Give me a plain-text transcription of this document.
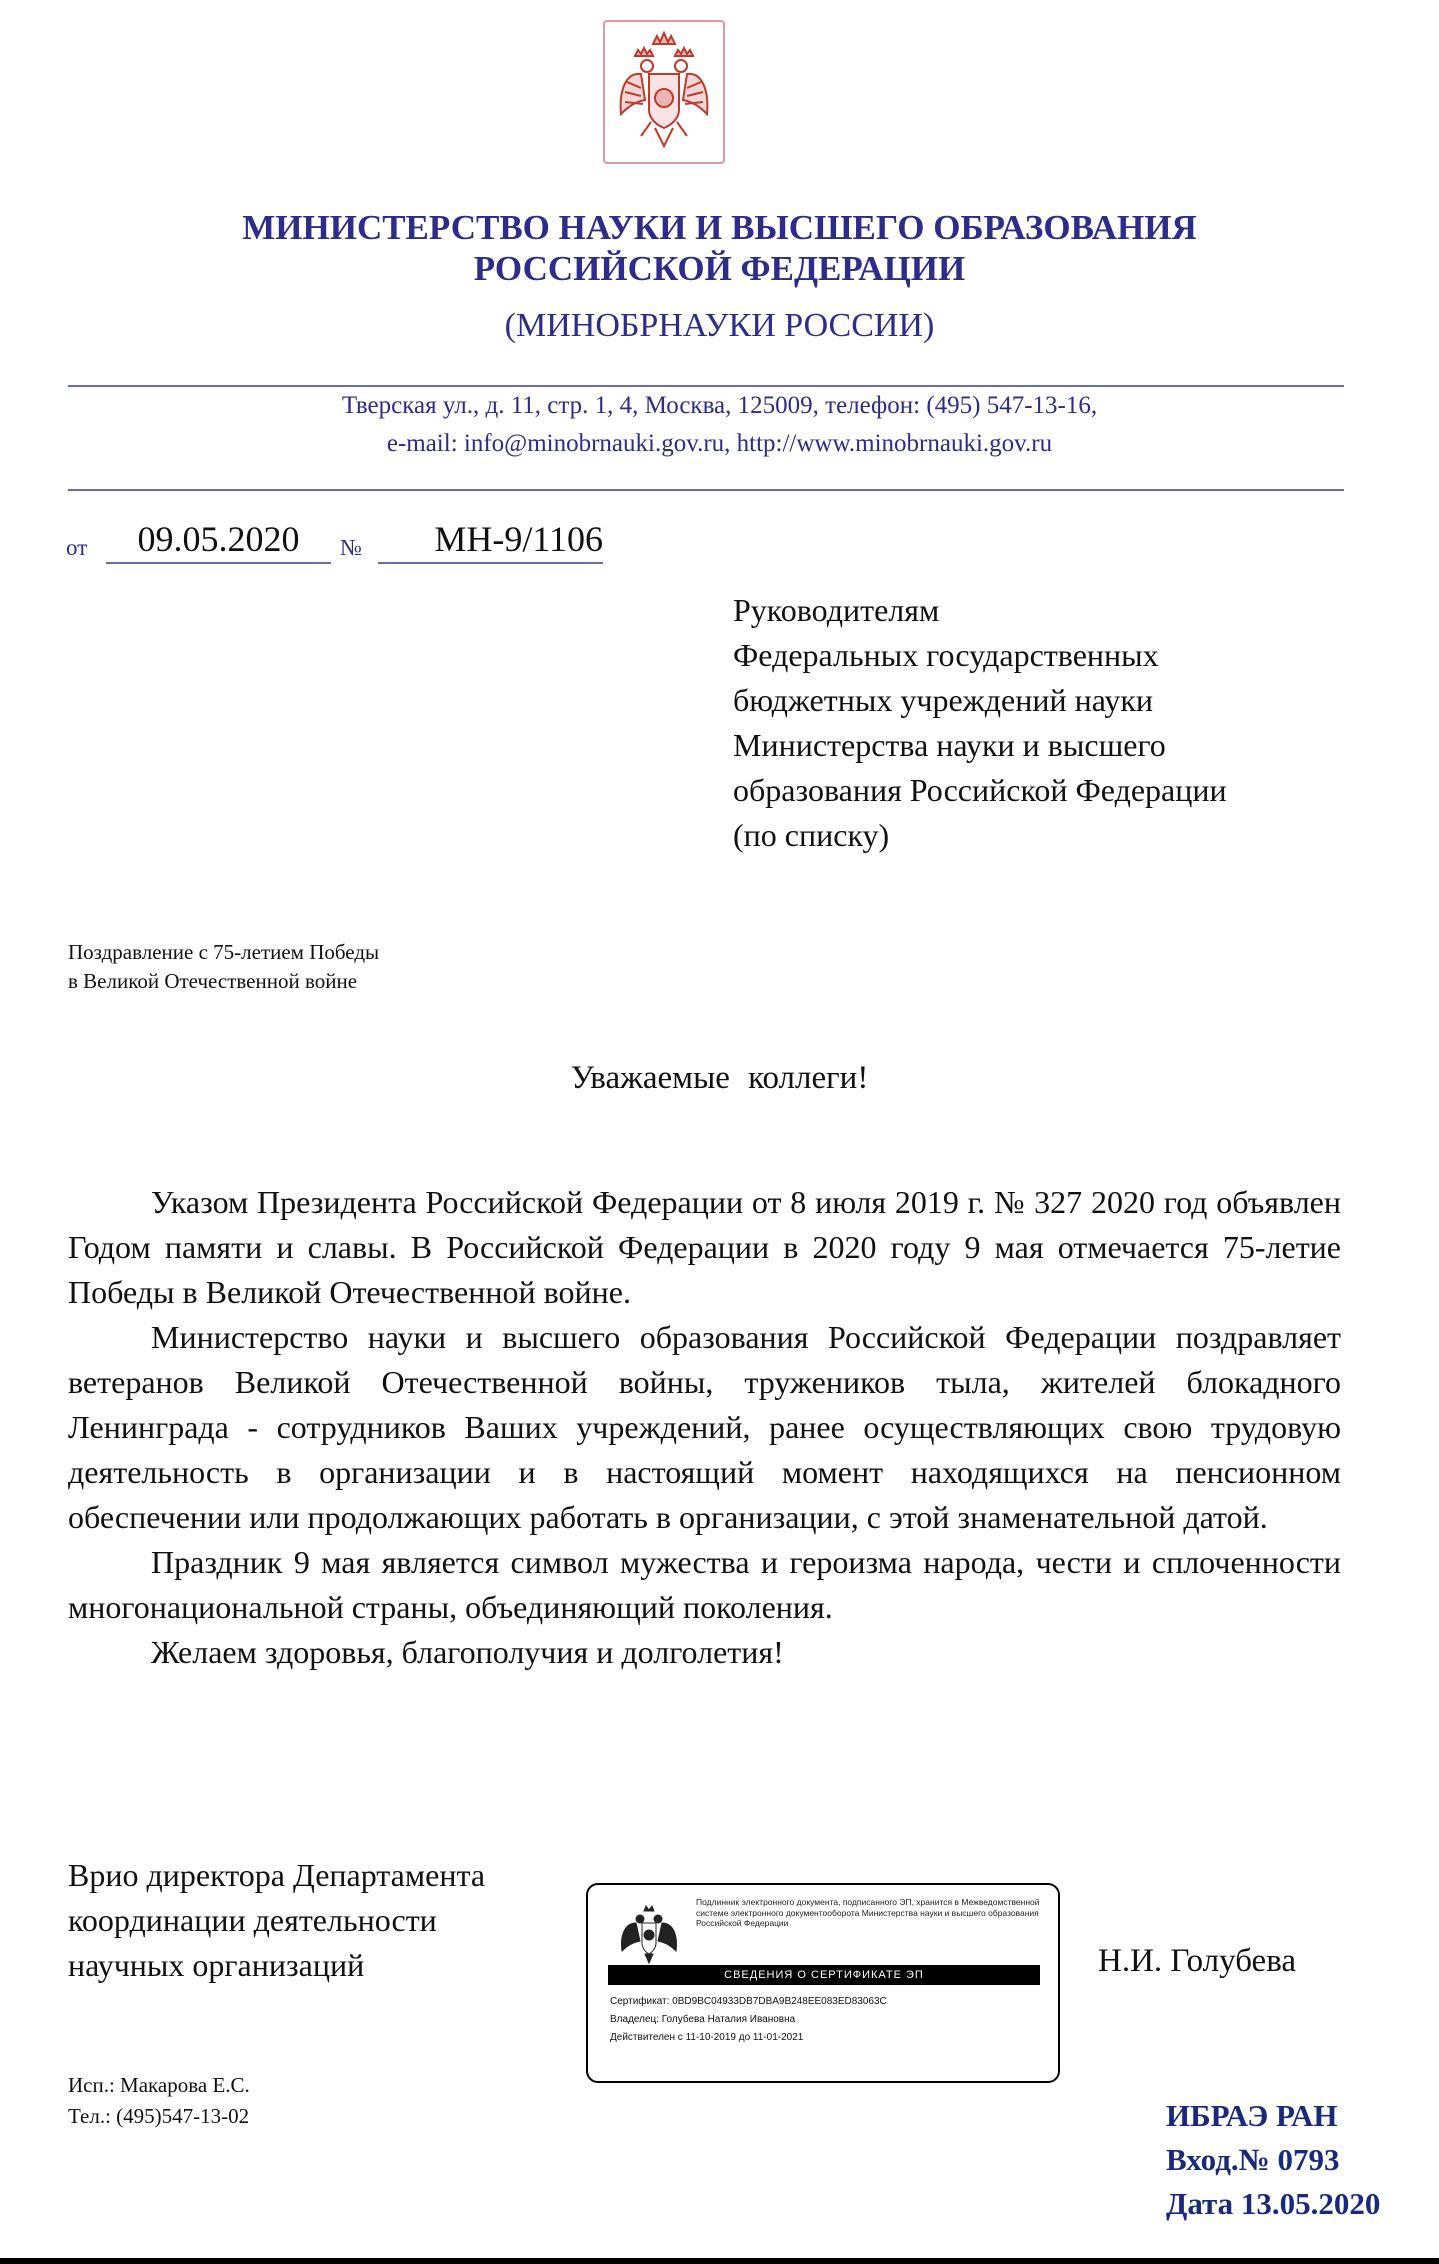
МИНИСТЕРСТВО НАУКИ И ВЫСШЕГО ОБРАЗОВАНИЯ
РОССИЙСКОЙ ФЕДЕРАЦИИ
(МИНОБРНАУКИ РОССИИ)
Тверская ул., д. 11, стр. 1, 4, Москва, 125009, телефон: (495) 547-13-16,
e-mail: info@minobrnauki.gov.ru, http://www.minobrnauki.gov.ru
от	09.05.2020	№	МН-9/1106
Руководителям
Федеральных государственных
бюджетных учреждений науки
Министерства науки и высшего
образования Российской Федерации
(по списку)
Поздравление с 75-летием Победы
в Великой Отечественной войне
Уважаемые коллеги!

Указом Президента Российской Федерации от 8 июля 2019 г. № 327 2020 год объявлен Годом памяти и славы. В Российской Федерации в 2020 году 9 мая отмечается 75-летие Победы в Великой Отечественной войне.

Министерство науки и высшего образования Российской Федерации поздравляет ветеранов Великой Отечественной войны, тружеников тыла, жителей блокадного Ленинграда - сотрудников Ваших учреждений, ранее осуществляющих свою трудовую деятельность в организации и в настоящий момент находящихся на пенсионном обеспечении или продолжающих работать в организации, с этой знаменательной датой.

Праздник 9 мая является символ мужества и героизма народа, чести и сплоченности многонациональной страны, объединяющий поколения.

Желаем здоровья, благополучия и долголетия!

Врио директора Департамента
координации деятельности
научных организаций
Подлинник электронного документа, подписанного ЭП, хранится в Межведомственной системе электронного документооборота Министерства науки и высшего образования Российской Федерации
СВЕДЕНИЯ О СЕРТИФИКАТЕ ЭП
Сертификат: 0BD9BC04933DB7DBA9B248EE083ED83063C
Владелец: Голубева Наталия Ивановна
Действителен с 11-10-2019 до 11-01-2021
Н.И. Голубева
Исп.: Макарова Е.С.
Тел.: (495)547-13-02	ИБРАЭ РАН
Вход.№ 0793
Дата 13.05.2020
